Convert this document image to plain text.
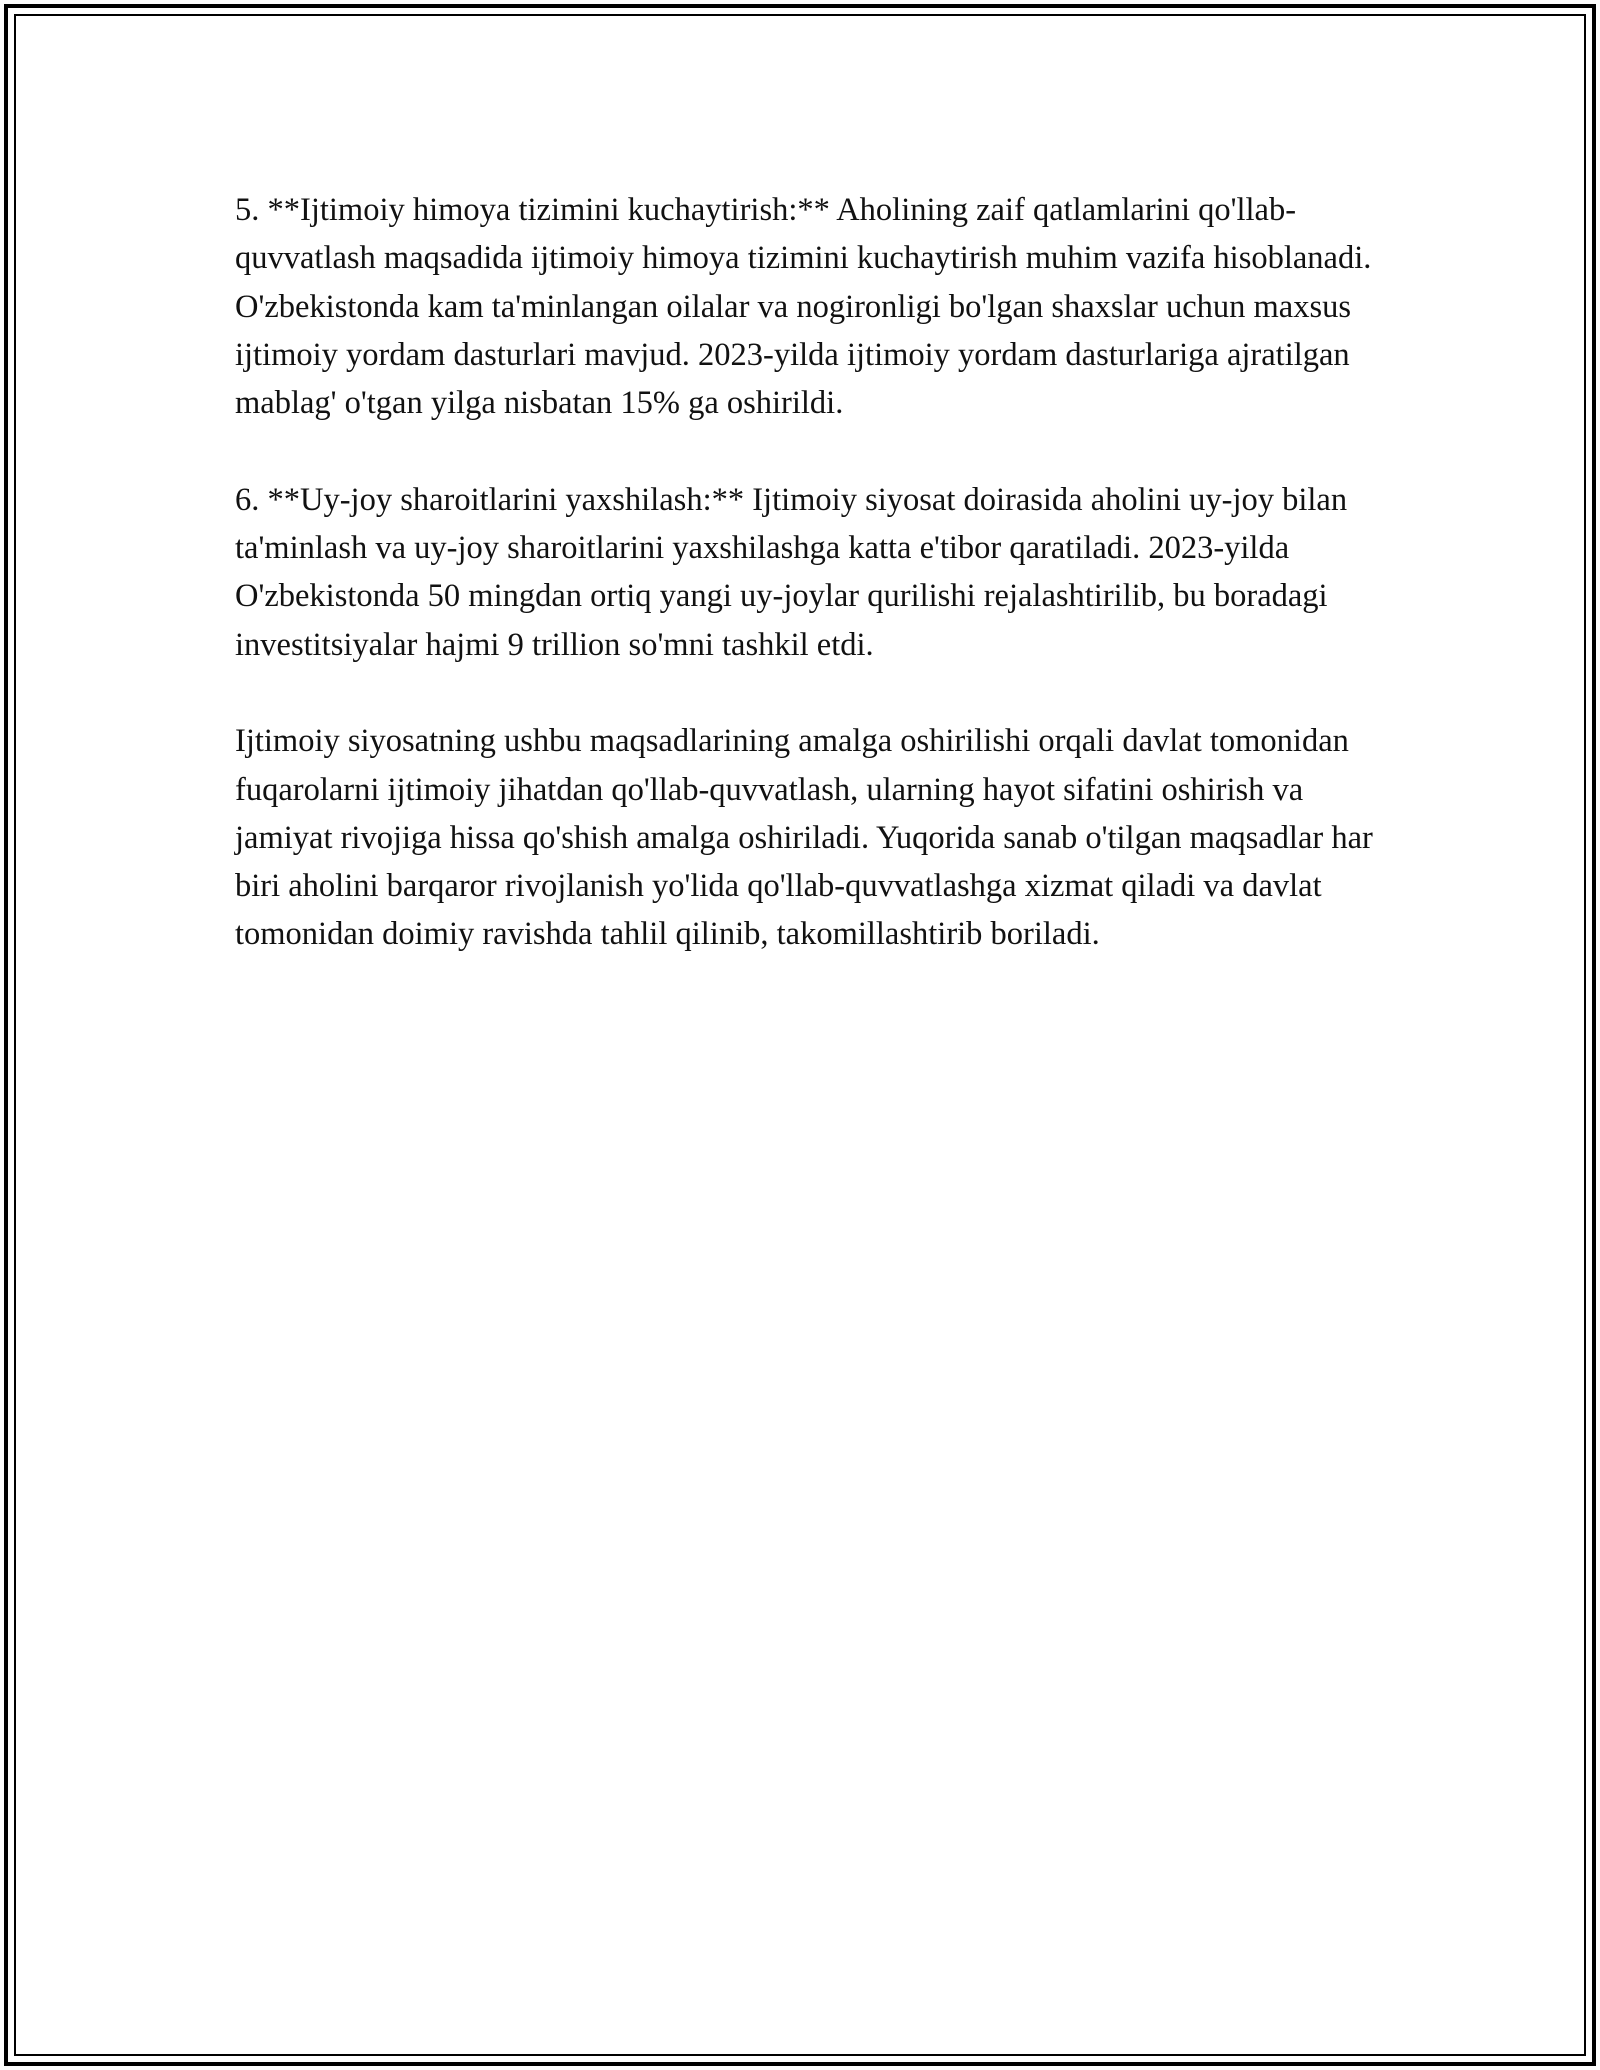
5. **Ijtimoiy himoya tizimini kuchaytirish:** Aholining zaif qatlamlarini qo'llab-quvvatlash maqsadida ijtimoiy himoya tizimini kuchaytirish muhim vazifa hisoblanadi. O'zbekistonda kam ta'minlangan oilalar va nogironligi bo'lgan shaxslar uchun maxsus ijtimoiy yordam dasturlari mavjud. 2023-yilda ijtimoiy yordam dasturlariga ajratilgan mablag' o'tgan yilga nisbatan 15% ga oshirildi.

6. **Uy-joy sharoitlarini yaxshilash:** Ijtimoiy siyosat doirasida aholini uy-joy bilan ta'minlash va uy-joy sharoitlarini yaxshilashga katta e'tibor qaratiladi. 2023-yilda O'zbekistonda 50 mingdan ortiq yangi uy-joylar qurilishi rejalashtirilib, bu boradagi investitsiyalar hajmi 9 trillion so'mni tashkil etdi.

Ijtimoiy siyosatning ushbu maqsadlarining amalga oshirilishi orqali davlat tomonidan fuqarolarni ijtimoiy jihatdan qo'llab-quvvatlash, ularning hayot sifatini oshirish va jamiyat rivojiga hissa qo'shish amalga oshiriladi. Yuqorida sanab o'tilgan maqsadlar har biri aholini barqaror rivojlanish yo'lida qo'llab-quvvatlashga xizmat qiladi va davlat tomonidan doimiy ravishda tahlil qilinib, takomillashtirib boriladi.
